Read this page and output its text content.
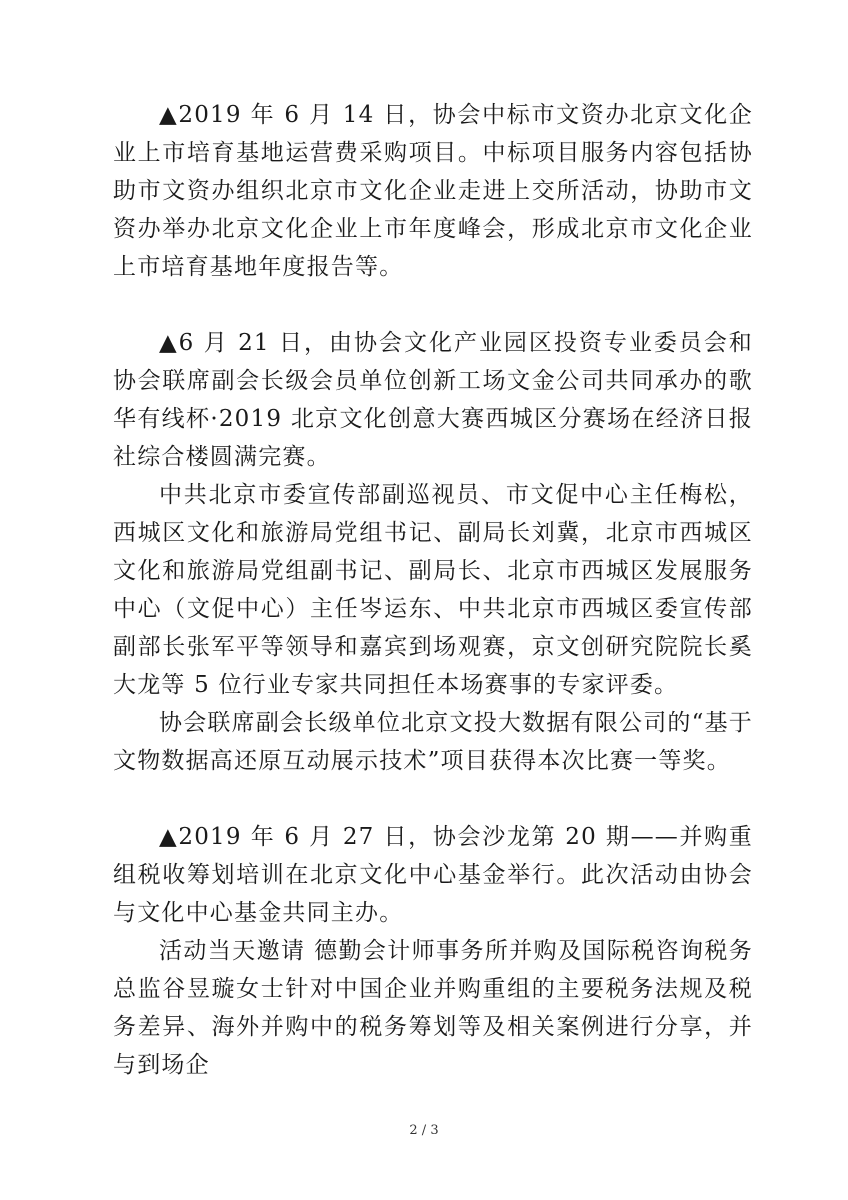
▲2019 年 6 月 14 日，协会中标市文资办北京文化企业上市培育基地运营费采购项目。中标项目服务内容包括协助市文资办组织北京市文化企业走进上交所活动，协助市文资办举办北京文化企业上市年度峰会，形成北京市文化企业上市培育基地年度报告等。

▲6 月 21 日，由协会文化产业园区投资专业委员会和协会联席副会长级会员单位创新工场文金公司共同承办的歌华有线杯·2019 北京文化创意大赛西城区分赛场在经济日报社综合楼圆满完赛。

中共北京市委宣传部副巡视员、市文促中心主任梅松，西城区文化和旅游局党组书记、副局长刘冀，北京市西城区文化和旅游局党组副书记、副局长、北京市西城区发展服务中心（文促中心）主任岑运东、中共北京市西城区委宣传部副部长张军平等领导和嘉宾到场观赛，京文创研究院院长奚大龙等 5 位行业专家共同担任本场赛事的专家评委。

协会联席副会长级单位北京文投大数据有限公司的“基于文物数据高还原互动展示技术”项目获得本次比赛一等奖。

▲2019 年 6 月 27 日，协会沙龙第 20 期——并购重组税收筹划培训在北京文化中心基金举行。此次活动由协会与文化中心基金共同主办。

活动当天邀请 德勤会计师事务所并购及国际税咨询税务总监谷昱璇女士针对中国企业并购重组的主要税务法规及税务差异、海外并购中的税务筹划等及相关案例进行分享，并与到场企

2 / 3
